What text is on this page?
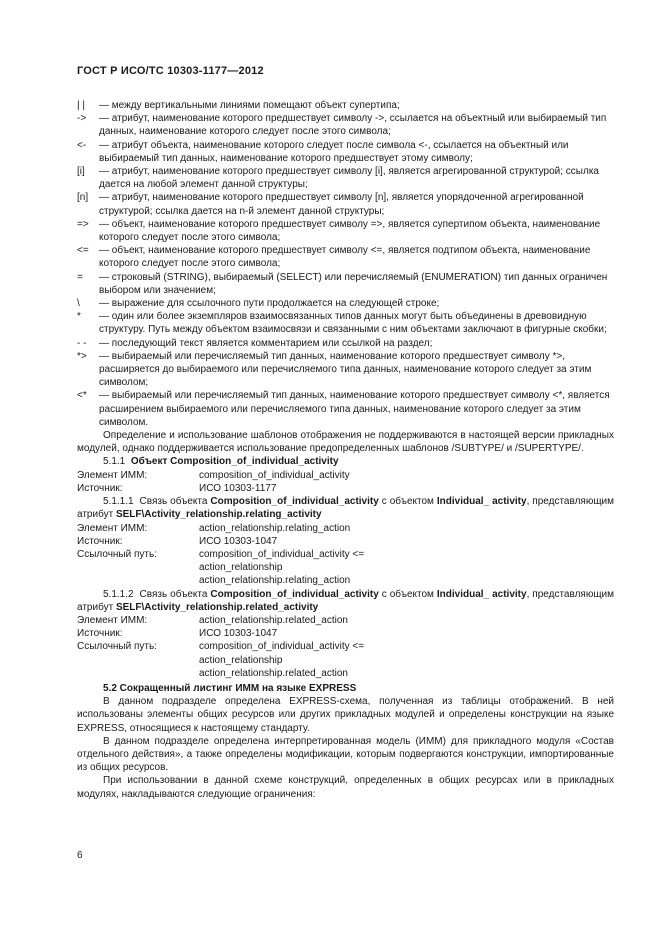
ГОСТ Р ИСО/ТС 10303-1177—2012
| |	— между вертикальными линиями помещают объект супертипа;
->	— атрибут, наименование которого предшествует символу ->, ссылается на объектный или выбираемый тип данных, наименование которого следует после этого символа;
<-	— атрибут объекта, наименование которого следует после символа <-, ссылается на объектный или выбираемый тип данных, наименование которого предшествует этому символу;
[i]	— атрибут, наименование которого предшествует символу [i], является агрегированной структурой; ссылка дается на любой элемент данной структуры;
[n]	— атрибут, наименование которого предшествует символу [n], является упорядоченной агрегированной структурой; ссылка дается на n-й элемент данной структуры;
=>	— объект, наименование которого предшествует символу =>, является супертипом объекта, наименование которого следует после этого символа;
<=	— объект, наименование которого предшествует символу <=, является подтипом объекта, наименование которого следует после этого символа;
=	— строковый (STRING), выбираемый (SELECT) или перечисляемый (ENUMERATION) тип данных ограничен выбором или значением;
\	— выражение для ссылочного пути продолжается на следующей строке;
*	— один или более экземпляров взаимосвязанных типов данных могут быть объединены в древовидную структуру. Путь между объектом взаимосвязи и связанными с ним объектами заключают в фигурные скобки;
- -	— последующий текст является комментарием или ссылкой на раздел;
*>	— выбираемый или перечисляемый тип данных, наименование которого предшествует символу *>, расширяется до выбираемого или перечисляемого типа данных, наименование которого следует за этим символом;
<*	— выбираемый или перечисляемый тип данных, наименование которого предшествует символу <*, является расширением выбираемого или перечисляемого типа данных, наименование которого следует за этим символом.
Определение и использование шаблонов отображения не поддерживаются в настоящей версии прикладных модулей, однако поддерживается использование предопределенных шаблонов /SUBTYPE/ и /SUPERTYPE/.
5.1.1 Объект Composition_of_individual_activity
Элемент ИММ:	composition_of_individual_activity
Источник:	ИСО 10303-1177
5.1.1.1 Связь объекта Composition_of_individual_activity с объектом Individual_ activity, представляющим атрибут SELF\Activity_relationship.relating_activity
Элемент ИММ:	action_relationship.relating_action
Источник:	ИСО 10303-1047
Ссылочный путь:	composition_of_individual_activity <=
action_relationship
action_relationship.relating_action
5.1.1.2 Связь объекта Composition_of_individual_activity с объектом Individual_ activity, представляющим атрибут SELF\Activity_relationship.related_activity
Элемент ИММ:	action_relationship.related_action
Источник:	ИСО 10303-1047
Ссылочный путь:	composition_of_individual_activity <=
action_relationship
action_relationship.related_action
5.2 Сокращенный листинг ИММ на языке EXPRESS
В данном подразделе определена EXPRESS-схема, полученная из таблицы отображений. В ней использованы элементы общих ресурсов или других прикладных модулей и определены конструкции на языке EXPRESS, относящиеся к настоящему стандарту.
В данном подразделе определена интерпретированная модель (ИММ) для прикладного модуля «Состав отдельного действия», а также определены модификации, которым подвергаются конструкции, импортированные из общих ресурсов.
При использовании в данной схеме конструкций, определенных в общих ресурсах или в прикладных модулях, накладываются следующие ограничения:
6
